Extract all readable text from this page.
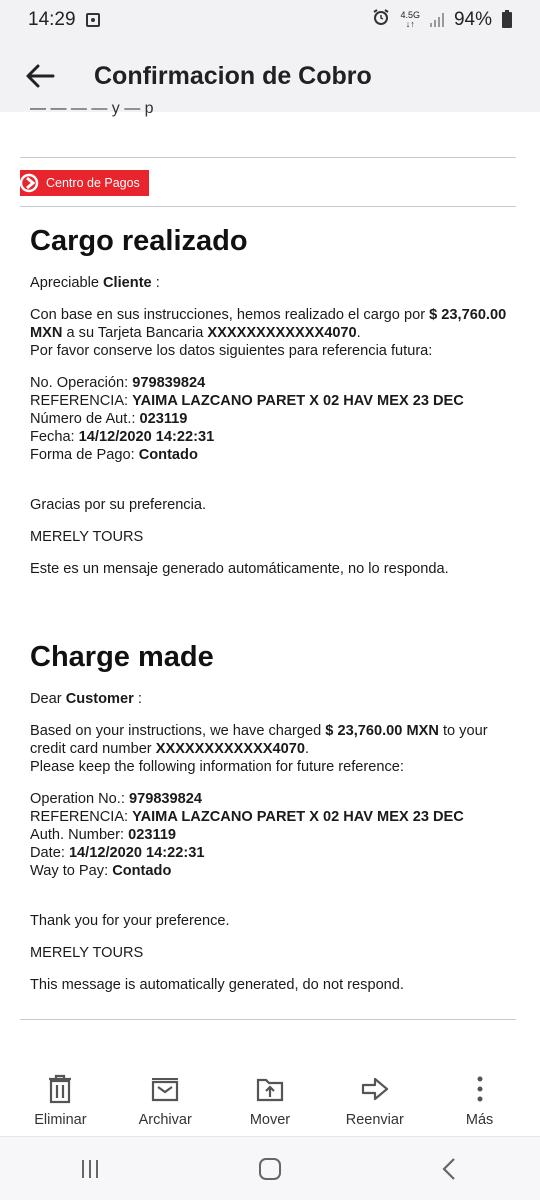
14:29	4.5G
↓↑ 94%
Confirmacion de Cobro
— — — — y — p
Centro de Pagos
Cargo realizado
Apreciable Cliente :
Con base en sus instrucciones, hemos realizado el cargo por $ 23,760.00 MXN a su Tarjeta Bancaria XXXXXXXXXXXX4070.
Por favor conserve los datos siguientes para referencia futura:
No. Operación: 979839824
REFERENCIA: YAIMA LAZCANO PARET X 02 HAV MEX 23 DEC
Número de Aut.: 023119
Fecha: 14/12/2020 14:22:31
Forma de Pago: Contado
Gracias por su preferencia.
MERELY TOURS
Este es un mensaje generado automáticamente, no lo responda.
Charge made
Dear Customer :
Based on your instructions, we have charged $ 23,760.00 MXN to your credit card number XXXXXXXXXXXX4070.
Please keep the following information for future reference:
Operation No.: 979839824
REFERENCIA: YAIMA LAZCANO PARET X 02 HAV MEX 23 DEC
Auth. Number: 023119
Date: 14/12/2020 14:22:31
Way to Pay: Contado
Thank you for your preference.
MERELY TOURS
This message is automatically generated, do not respond.
Eliminar	Archivar	Mover	Reenviar	Más
